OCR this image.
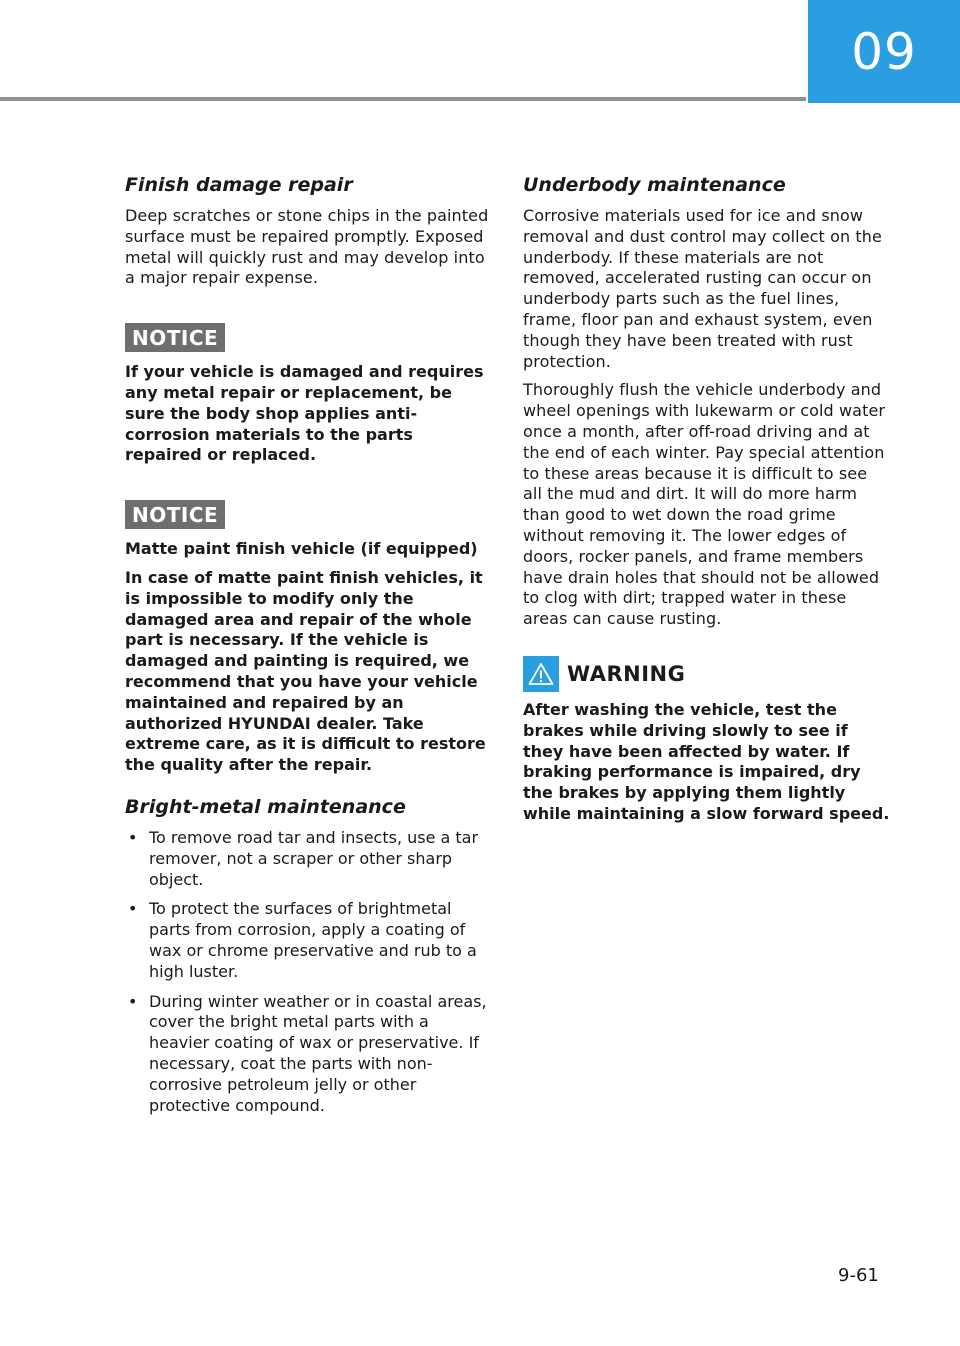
09
Finish damage repair

Deep scratches or stone chips in the painted surface must be repaired promptly. Exposed metal will quickly rust and may develop into a major repair expense.

NOTICE

If your vehicle is damaged and requires any metal repair or replacement, be sure the body shop applies anti-corrosion materials to the parts repaired or replaced.

NOTICE

Matte paint finish vehicle (if equipped)

In case of matte paint finish vehicles, it is impossible to modify only the damaged area and repair of the whole part is necessary. If the vehicle is damaged and painting is required, we recommend that you have your vehicle maintained and repaired by an authorized HYUNDAI dealer. Take extreme care, as it is difficult to restore the quality after the repair.

Bright-metal maintenance
• To remove road tar and insects, use a tar remover, not a scraper or other sharp object.
• To protect the surfaces of brightmetal parts from corrosion, apply a coating of wax or chrome preservative and rub to a high luster.
• During winter weather or in coastal areas, cover the bright metal parts with a heavier coating of wax or preservative. If necessary, coat the parts with non-corrosive petroleum jelly or other protective compound.
Underbody maintenance

Corrosive materials used for ice and snow removal and dust control may collect on the underbody. If these materials are not removed, accelerated rusting can occur on underbody parts such as the fuel lines, frame, floor pan and exhaust system, even though they have been treated with rust protection.

Thoroughly flush the vehicle underbody and wheel openings with lukewarm or cold water once a month, after off-road driving and at the end of each winter. Pay special attention to these areas because it is difficult to see all the mud and dirt. It will do more harm than good to wet down the road grime without removing it. The lower edges of doors, rocker panels, and frame members have drain holes that should not be allowed to clog with dirt; trapped water in these areas can cause rusting.

WARNING

After washing the vehicle, test the brakes while driving slowly to see if they have been affected by water. If braking performance is impaired, dry the brakes by applying them lightly while maintaining a slow forward speed.

9-61
